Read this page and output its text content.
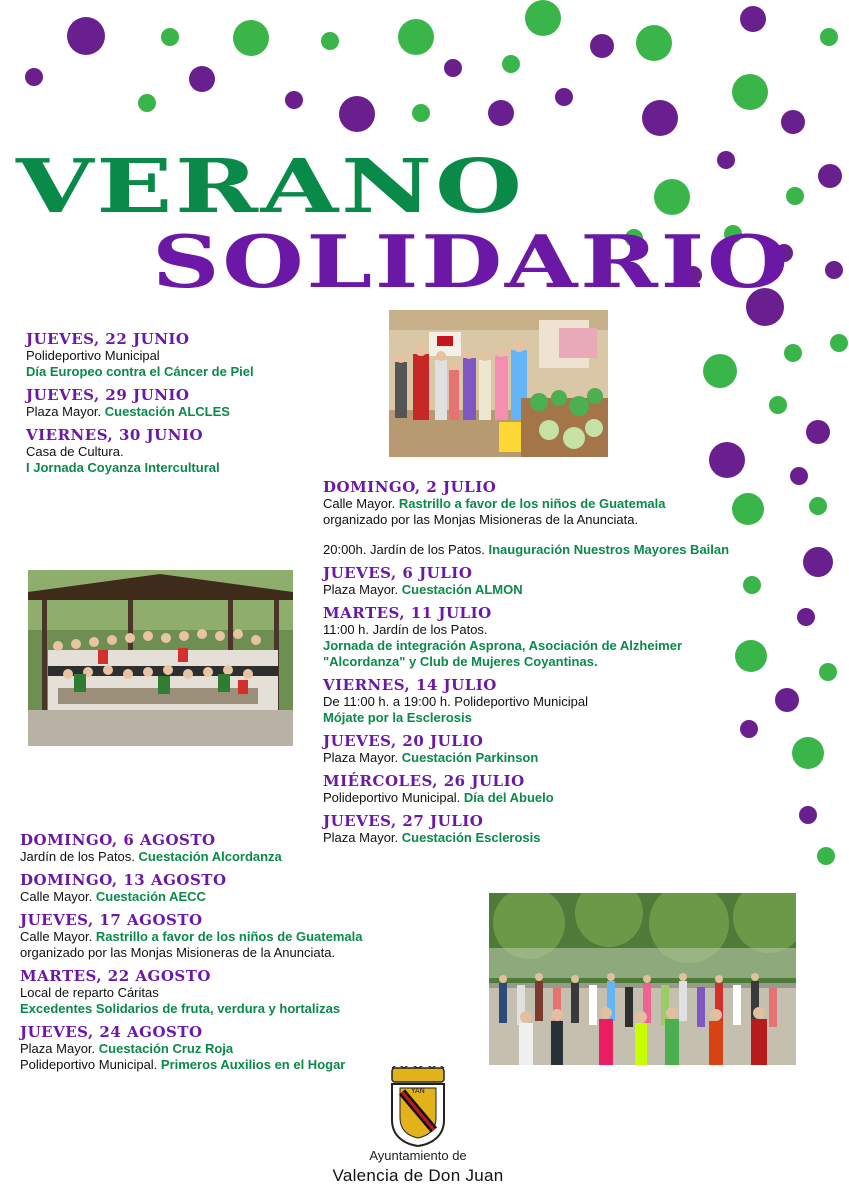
VERANO
SOLIDARIO
JUEVES, 22 JUNIO
Polideportivo Municipal
Día Europeo contra el Cáncer de Piel
JUEVES, 29 JUNIO
Plaza Mayor. Cuestación ALCLES
VIERNES, 30 JUNIO
Casa de Cultura.
I Jornada Coyanza Intercultural
DOMINGO, 2 JULIO
Calle Mayor. Rastrillo a favor de los niños de Guatemala
organizado por las Monjas Misioneras de la Anunciata.
20:00h. Jardín de los Patos. Inauguración Nuestros Mayores Bailan
JUEVES, 6 JULIO
Plaza Mayor. Cuestación ALMON
MARTES, 11 JULIO
11:00 h. Jardín de los Patos.
Jornada de integración Asprona, Asociación de Alzheimer
"Alcordanza" y Club de Mujeres Coyantinas.
VIERNES, 14 JULIO
De 11:00 h. a 19:00 h. Polideportivo Municipal
Mójate por la Esclerosis
JUEVES, 20 JULIO
Plaza Mayor. Cuestación Parkinson
MIÉRCOLES, 26 JULIO
Polideportivo Municipal. Día del Abuelo
JUEVES, 27 JULIO
Plaza Mayor. Cuestación Esclerosis
DOMINGO, 6 AGOSTO
Jardín de los Patos. Cuestación Alcordanza
DOMINGO, 13 AGOSTO
Calle Mayor. Cuestación AECC
JUEVES, 17 AGOSTO
Calle Mayor. Rastrillo a favor de los niños de Guatemala
organizado por las Monjas Misioneras de la Anunciata.
MARTES, 22 AGOSTO
Local de reparto Cáritas
Excedentes Solidarios de fruta, verdura y hortalizas
JUEVES, 24 AGOSTO
Plaza Mayor. Cuestación Cruz Roja
Polideportivo Municipal. Primeros Auxilios en el Hogar
YAN
Ayuntamiento de
Valencia de Don Juan
